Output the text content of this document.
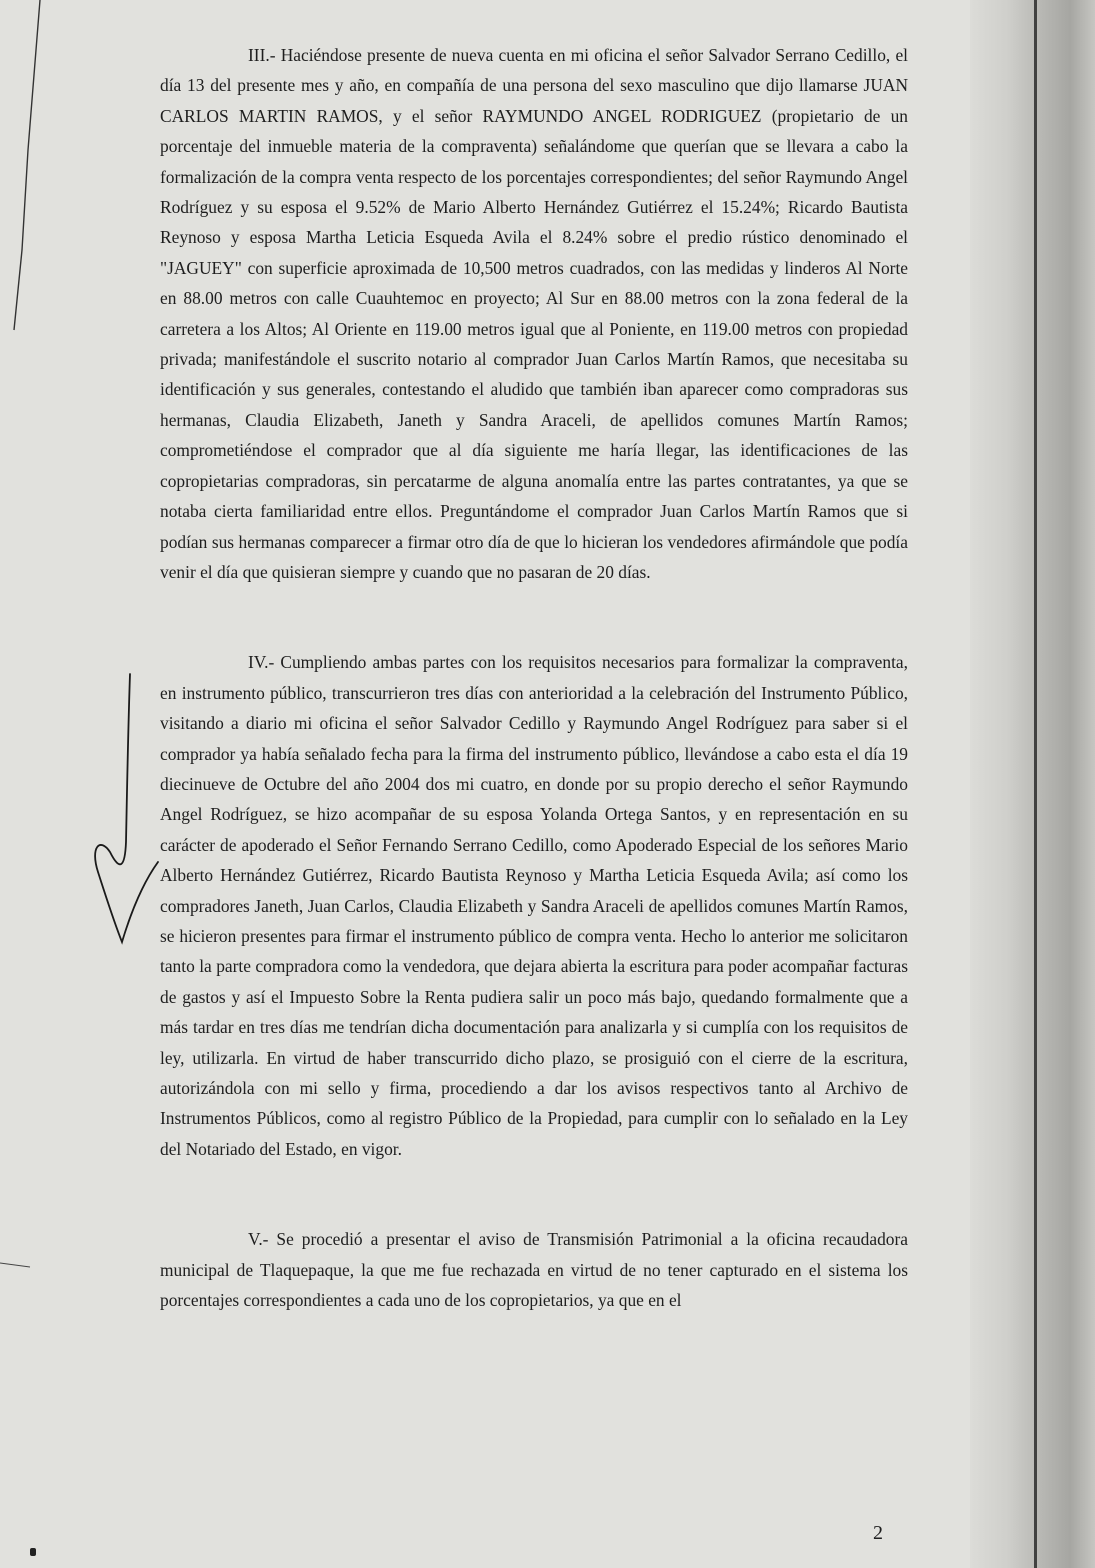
III.- Haciéndose presente de nueva cuenta en mi oficina el señor Salvador Serrano Cedillo, el día 13 del presente mes y año, en compañía de una persona del sexo masculino que dijo llamarse JUAN CARLOS MARTIN RAMOS, y el señor RAYMUNDO ANGEL RODRIGUEZ (propietario de un porcentaje del inmueble materia de la compraventa) señalándome que querían que se llevara a cabo la formalización de la compra venta respecto de los porcentajes correspondientes; del señor Raymundo Angel Rodríguez y su esposa el 9.52% de Mario Alberto Hernández Gutiérrez el 15.24%; Ricardo Bautista Reynoso y esposa Martha Leticia Esqueda Avila el 8.24% sobre el predio rústico denominado el "JAGUEY" con superficie aproximada de 10,500 metros cuadrados, con las medidas y linderos Al Norte en 88.00 metros con calle Cuauhtemoc en proyecto; Al Sur en 88.00 metros con la zona federal de la carretera a los Altos; Al Oriente en 119.00 metros igual que al Poniente, en 119.00 metros con propiedad privada; manifestándole el suscrito notario al comprador Juan Carlos Martín Ramos, que necesitaba su identificación y sus generales, contestando el aludido que también iban aparecer como compradoras sus hermanas, Claudia Elizabeth, Janeth y Sandra Araceli, de apellidos comunes Martín Ramos; comprometiéndose el comprador que al día siguiente me haría llegar, las identificaciones de las copropietarias compradoras, sin percatarme de alguna anomalía entre las partes contratantes, ya que se notaba cierta familiaridad entre ellos. Preguntándome el comprador Juan Carlos Martín Ramos que si podían sus hermanas comparecer a firmar otro día de que lo hicieran los vendedores afirmándole que podía venir el día que quisieran siempre y cuando que no pasaran de 20 días.

IV.- Cumpliendo ambas partes con los requisitos necesarios para formalizar la compraventa, en instrumento público, transcurrieron tres días con anterioridad a la celebración del Instrumento Público, visitando a diario mi oficina el señor Salvador Cedillo y Raymundo Angel Rodríguez para saber si el comprador ya había señalado fecha para la firma del instrumento público, llevándose a cabo esta el día 19 diecinueve de Octubre del año 2004 dos mi cuatro, en donde por su propio derecho el señor Raymundo Angel Rodríguez, se hizo acompañar de su esposa Yolanda Ortega Santos, y en representación en su carácter de apoderado el Señor Fernando Serrano Cedillo, como Apoderado Especial de los señores Mario Alberto Hernández Gutiérrez, Ricardo Bautista Reynoso y Martha Leticia Esqueda Avila; así como los compradores Janeth, Juan Carlos, Claudia Elizabeth y Sandra Araceli de apellidos comunes Martín Ramos, se hicieron presentes para firmar el instrumento público de compra venta. Hecho lo anterior me solicitaron tanto la parte compradora como la vendedora, que dejara abierta la escritura para poder acompañar facturas de gastos y así el Impuesto Sobre la Renta pudiera salir un poco más bajo, quedando formalmente que a más tardar en tres días me tendrían dicha documentación para analizarla y si cumplía con los requisitos de ley, utilizarla. En virtud de haber transcurrido dicho plazo, se prosiguió con el cierre de la escritura, autorizándola con mi sello y firma, procediendo a dar los avisos respectivos tanto al Archivo de Instrumentos Públicos, como al registro Público de la Propiedad, para cumplir con lo señalado en la Ley del Notariado del Estado, en vigor.

V.- Se procedió a presentar el aviso de Transmisión Patrimonial a la oficina recaudadora municipal de Tlaquepaque, la que me fue rechazada en virtud de no tener capturado en el sistema los porcentajes correspondientes a cada uno de los copropietarios, ya que en el

2
